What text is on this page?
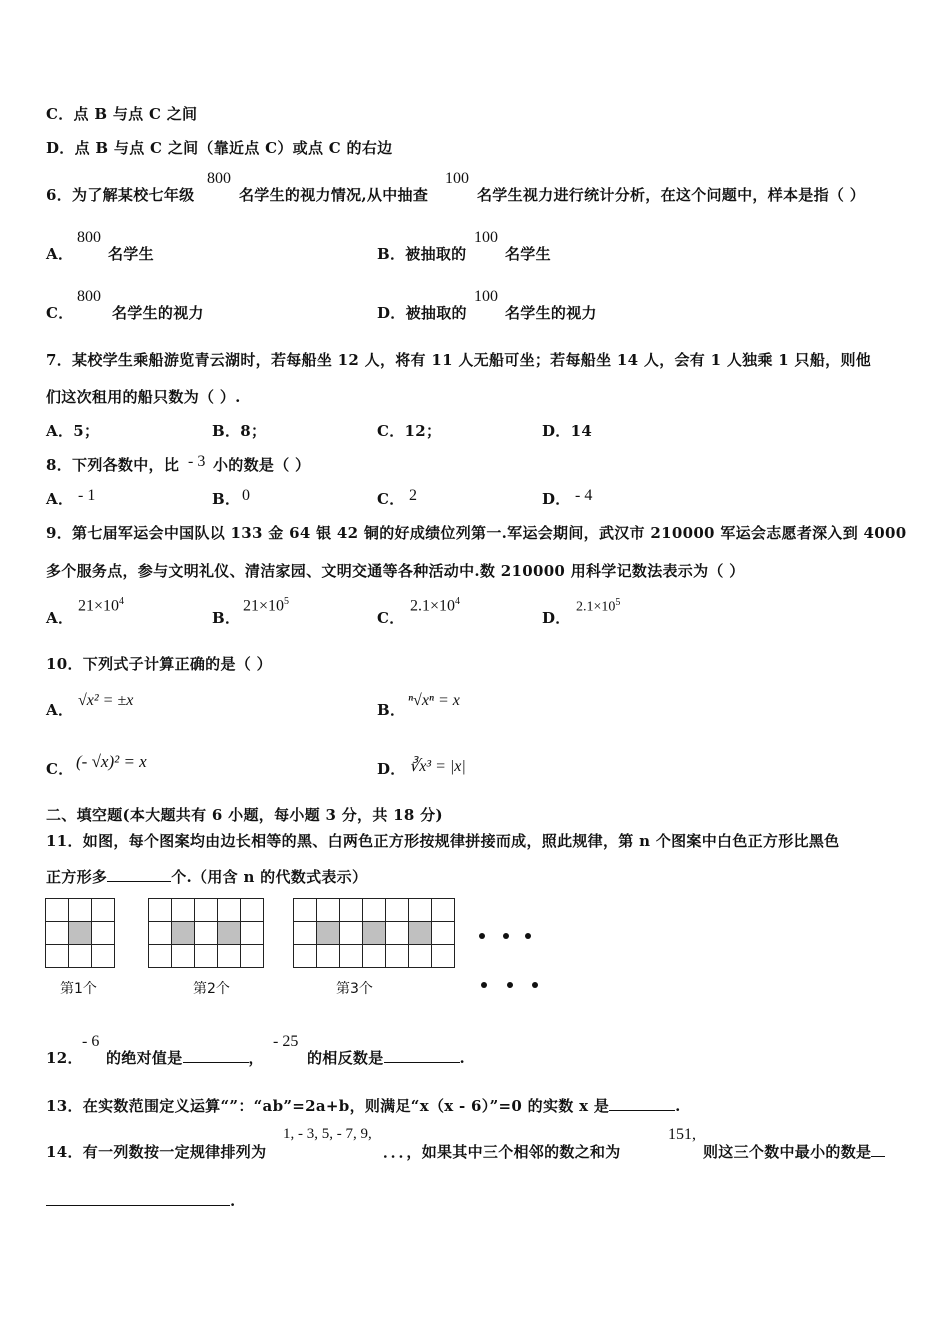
C．点 B 与点 C 之间
D．点 B 与点 C 之间（靠近点 C）或点 C 的右边
6．为了解某校七年级
800
名学生的视力情况,从中抽查
100
名学生视力进行统计分析，在这个问题中，样本是指（ ）
A．
800
名学生	B．被抽取的
100
名学生
C．
800
名学生的视力	D．被抽取的
100
名学生的视力
7．某校学生乘船游览青云湖时，若每船坐 12 人，将有 11 人无船可坐；若每船坐 14 人，会有 1 人独乘 1 只船，则他
们这次租用的船只数为（ ）.
A．5；	B．8；	C．12；	D．14
8．下列各数中，比 - 3 小的数是（ ）
A． - 1	B． 0	C． 2	D． - 4
9．第七届军运会中国队以 133 金 64 银 42 铜的好成绩位列第一.军运会期间，武汉市 210000 军运会志愿者深入到 4000
多个服务点，参与文明礼仪、清洁家园、文明交通等各种活动中.数 210000 用科学记数法表示为（ ）
A．
$21\times 10^4$
B．
$21\times 10^5$
C．
$2.1\times 10^4$
D．
$2.1\times 10^5$
10．下列式子计算正确的是（ ）
A．
√x² = ±x
B．
ⁿ√xⁿ = x
C． (- √x)² = x	D． ∛x³ = |x|
二、填空题(本大题共有 6 小题，每小题 3 分，共 18 分)
11．如图，每个图案均由边长相等的黑、白两色正方形按规律拼接而成，照此规律，第 n 个图案中白色正方形比黑色
正方形多	个.（用含 n 的代数式表示）

第1个

					第2个

							第3个
12．
- 6
的绝对值是	，
- 25
的相反数是	.
13．在实数范围定义运算“”：“ab”=2a+b，则满足“x（x - 6）”=0 的实数 x 是	.
14．有一列数按一定规律排列为
1, - 3, 5, - 7, 9,
．．．，如果其中三个相邻的数之和为
151,
则这三个数中最小的数是
.
